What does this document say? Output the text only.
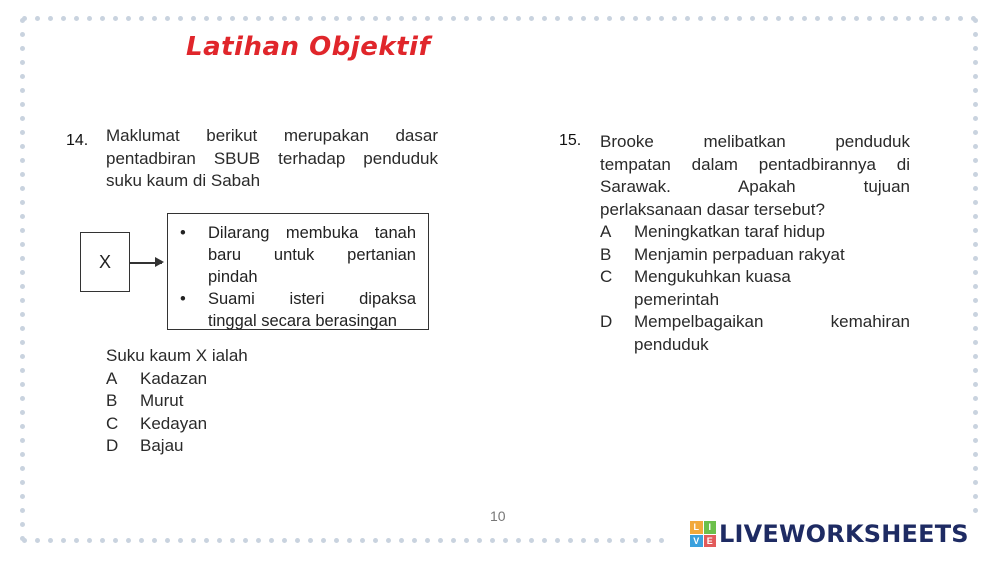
Latihan Objektif
14. Maklumat berikut merupakan dasar
pentadbiran SBUB terhadap penduduk
suku kaum di Sabah
X
•	Dilarang membuka tanah
baru untuk pertanian
pindah
•	Suami isteri dipaksa
tinggal secara berasingan
Suku kaum X ialah
A	Kadazan
B	Murut
C	Kedayan
D	Bajau
15. Brooke melibatkan penduduk
tempatan dalam pentadbirannya di
Sarawak. Apakah tujuan
perlaksanaan dasar tersebut?
A	Meningkatkan taraf hidup
B	Menjamin perpaduan rakyat
C	Mengukuhkan kuasa
pemerintah
D	Mempelbagaikan kemahiran
penduduk
10
L	I
V E LIVEWORKSHEETS
